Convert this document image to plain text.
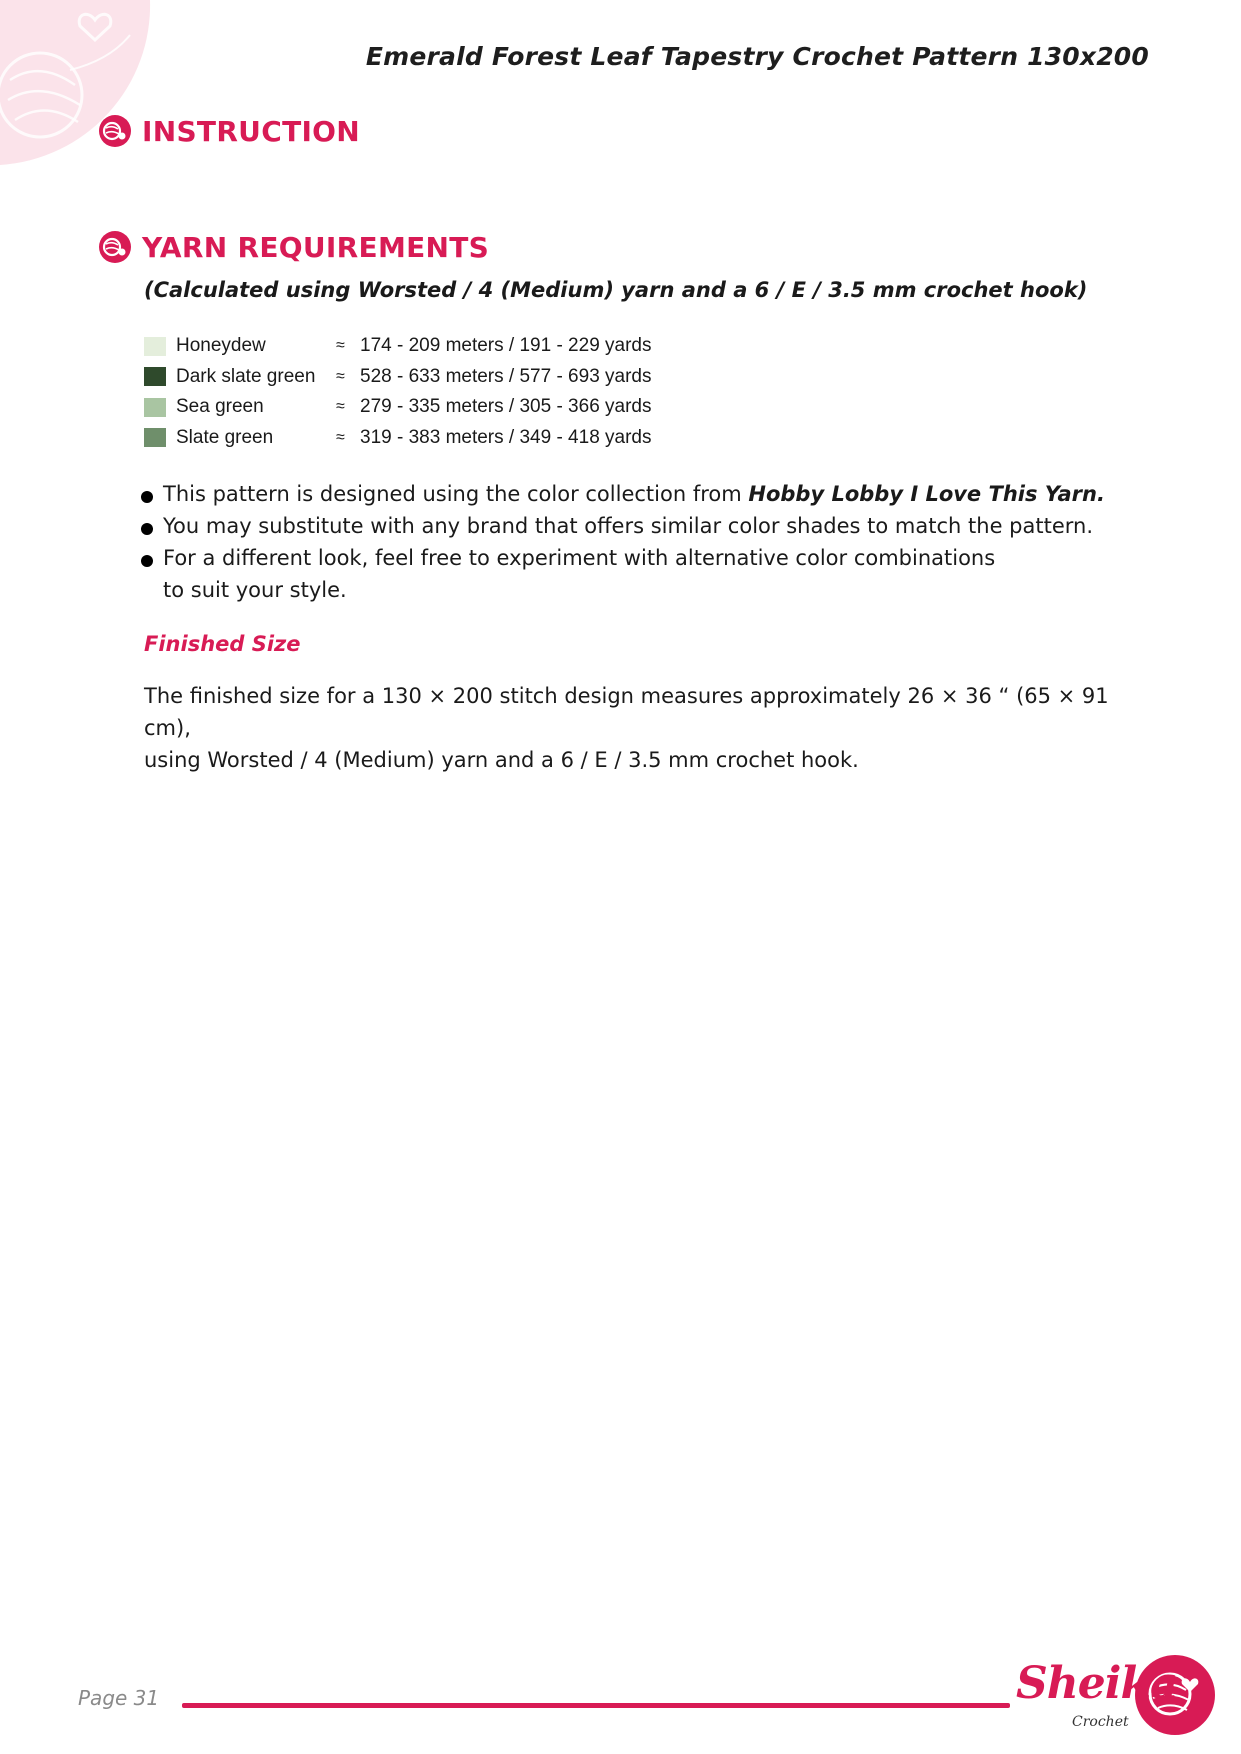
Emerald Forest Leaf Tapestry Crochet Pattern 130x200
INSTRUCTION
YARN REQUIREMENTS
(Calculated using Worsted / 4 (Medium) yarn and a 6 / E / 3.5 mm crochet hook)
Honeydew	≈ 174 - 209 meters / 191 - 229 yards
Dark slate green	≈ 528 - 633 meters / 577 - 693 yards
Sea green	≈ 279 - 335 meters / 305 - 366 yards
Slate green	≈ 319 - 383 meters / 349 - 418 yards
This pattern is designed using the color collection from Hobby Lobby I Love This Yarn.
You may substitute with any brand that offers similar color shades to match the pattern.
For a different look, feel free to experiment with alternative color combinations
to suit your style.
Finished Size
The finished size for a 130 × 200 stitch design measures approximately 26 × 36 “ (65 × 91 cm),
using Worsted / 4 (Medium) yarn and a 6 / E / 3.5 mm crochet hook.
Page 31	Sheika
Crochet
